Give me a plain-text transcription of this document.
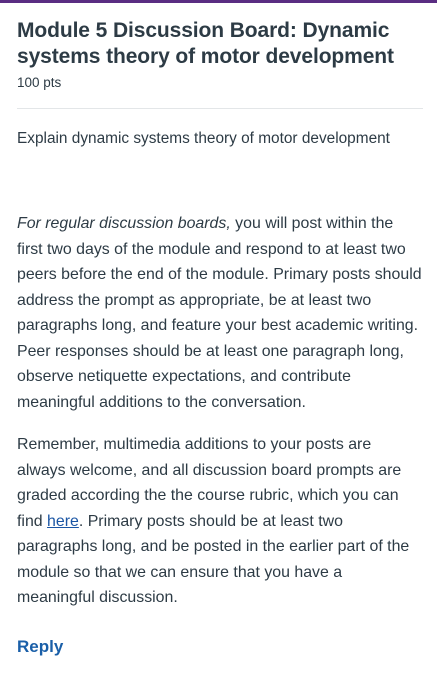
Module 5 Discussion Board: Dynamic systems theory of motor development
100 pts
Explain dynamic systems theory of motor development

For regular discussion boards, you will post within the first two days of the module and respond to at least two peers before the end of the module. Primary posts should address the prompt as appropriate, be at least two paragraphs long, and feature your best academic writing. Peer responses should be at least one paragraph long, observe netiquette expectations, and contribute meaningful additions to the conversation.

Remember, multimedia additions to your posts are always welcome, and all discussion board prompts are graded according the the course rubric, which you can find here. Primary posts should be at least two paragraphs long, and be posted in the earlier part of the module so that we can ensure that you have a meaningful discussion.

Reply
